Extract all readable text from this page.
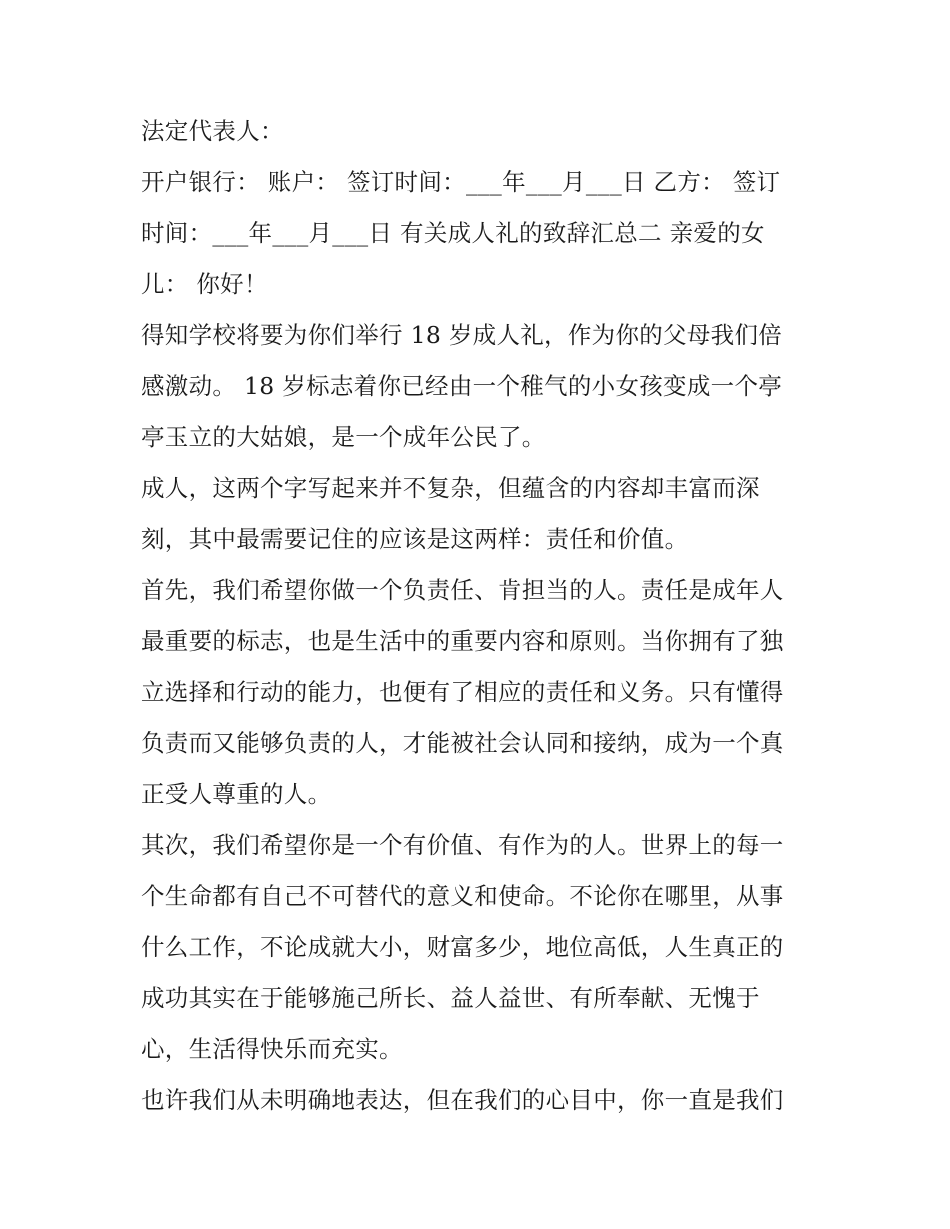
法定代表人：
开户银行： 账户： 签订时间：___年___月___日 乙方： 签订
时间：___年___月___日 有关成人礼的致辞汇总二 亲爱的女
儿： 你好！
得知学校将要为你们举行 18 岁成人礼，作为你的父母我们倍
感激动。 18 岁标志着你已经由一个稚气的小女孩变成一个亭
亭玉立的大姑娘，是一个成年公民了。
成人，这两个字写起来并不复杂，但蕴含的内容却丰富而深
刻，其中最需要记住的应该是这两样：责任和价值。
首先，我们希望你做一个负责任、肯担当的人。责任是成年人
最重要的标志，也是生活中的重要内容和原则。当你拥有了独
立选择和行动的能力，也便有了相应的责任和义务。只有懂得
负责而又能够负责的人，才能被社会认同和接纳，成为一个真
正受人尊重的人。
其次，我们希望你是一个有价值、有作为的人。世界上的每一
个生命都有自己不可替代的意义和使命。不论你在哪里，从事
什么工作，不论成就大小，财富多少，地位高低，人生真正的
成功其实在于能够施己所长、益人益世、有所奉献、无愧于
心，生活得快乐而充实。
也许我们从未明确地表达，但在我们的心目中，你一直是我们
